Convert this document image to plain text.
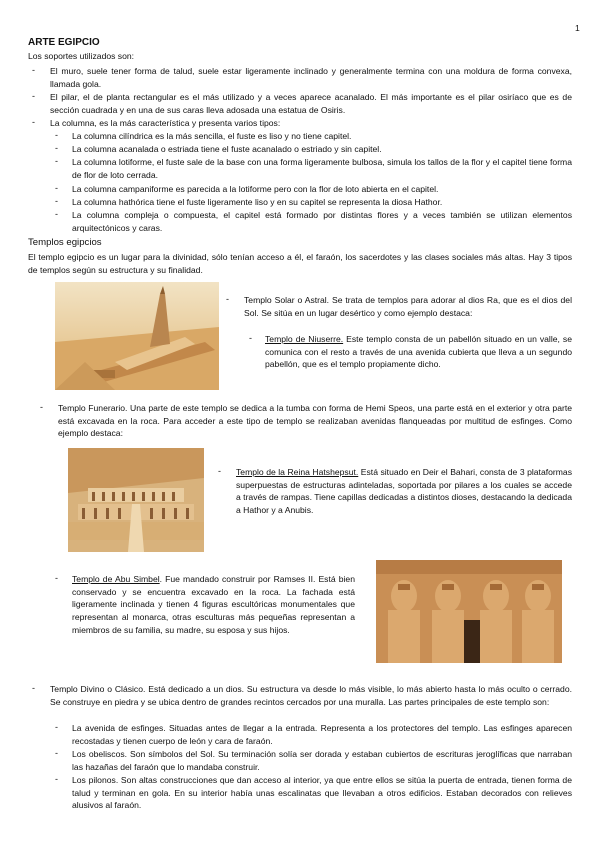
1
ARTE EGIPCIO
Los soportes utilizados son:
- El muro, suele tener forma de talud, suele estar ligeramente inclinado y generalmente termina con una moldura de forma convexa, llamada gola.
- El pilar, el de planta rectangular es el más utilizado y a veces aparece acanalado. El más importante es el pilar osiríaco que es de sección cuadrada y en una de sus caras lleva adosada una estatua de Osiris.
- La columna, es la más característica y presenta varios tipos:
- La columna cilíndrica es la más sencilla, el fuste es liso y no tiene capitel.
- La columna acanalada o estriada tiene el fuste acanalado o estriado y sin capitel.
- La columna lotiforme, el fuste sale de la base con una forma ligeramente bulbosa, simula los tallos de la flor y el capitel tiene forma de flor de loto cerrada.
- La columna campaniforme es parecida a la lotiforme pero con la flor de loto abierta en el capitel.
- La columna hathórica tiene el fuste ligeramente liso y en su capitel se representa la diosa Hathor.
- La columna compleja o compuesta, el capitel está formado por distintas flores y a veces también se utilizan elementos arquitectónicos y caras.
Templos egipcios
El templo egipcio es un lugar para la divinidad, sólo tenían acceso a él, el faraón, los sacerdotes y las clases sociales más altas. Hay 3 tipos de templos según su estructura y su finalidad.
- Templo Solar o Astral. Se trata de templos para adorar al dios Ra, que es el dios del Sol. Se sitúa en un lugar desértico y como ejemplo destaca:
- Templo de Niuserre. Este templo consta de un pabellón situado en un valle, se comunica con el resto a través de una avenida cubierta que lleva a un segundo pabellón, que es el templo propiamente dicho.
- Templo Funerario. Una parte de este templo se dedica a la tumba con forma de Hemi Speos, una parte está en el exterior y otra parte está excavada en la roca. Para acceder a este tipo de templo se realizaban avenidas flanqueadas por multitud de esfinges. Como ejemplo destaca:
- Templo de la Reina Hatshepsut. Está situado en Deir el Bahari, consta de 3 plataformas superpuestas de estructuras adinteladas, soportada por pilares a los cuales se accede a través de rampas. Tiene capillas dedicadas a distintos dioses, destacando la dedicada a Hathor y a Anubis.
- Templo de Abu Simbel. Fue mandado construir por Ramses II. Está bien conservado y se encuentra excavado en la roca. La fachada está ligeramente inclinada y tienen 4 figuras escultóricas monumentales que representan al monarca, otras esculturas más pequeñas representan a miembros de su familia, su madre, su esposa y sus hijos.
- Templo Divino o Clásico. Está dedicado a un dios. Su estructura va desde lo más visible, lo más abierto hasta lo más oculto o cerrado. Se construye en piedra y se ubica dentro de grandes recintos cercados por una muralla. Las partes principales de este templo son:
- La avenida de esfinges. Situadas antes de llegar a la entrada. Representa a los protectores del templo. Las esfinges aparecen recostadas y tienen cuerpo de león y cara de faraón.
- Los obeliscos. Son símbolos del Sol. Su terminación solía ser dorada y estaban cubiertos de escrituras jeroglíficas que narraban las hazañas del faraón que lo mandaba construir.
- Los pilonos. Son altas construcciones que dan acceso al interior, ya que entre ellos se sitúa la puerta de entrada, tienen forma de talud y terminan en gola. En su interior había unas escalinatas que llevaban a otros edificios. Estaban decorados con relieves alusivos al faraón.
